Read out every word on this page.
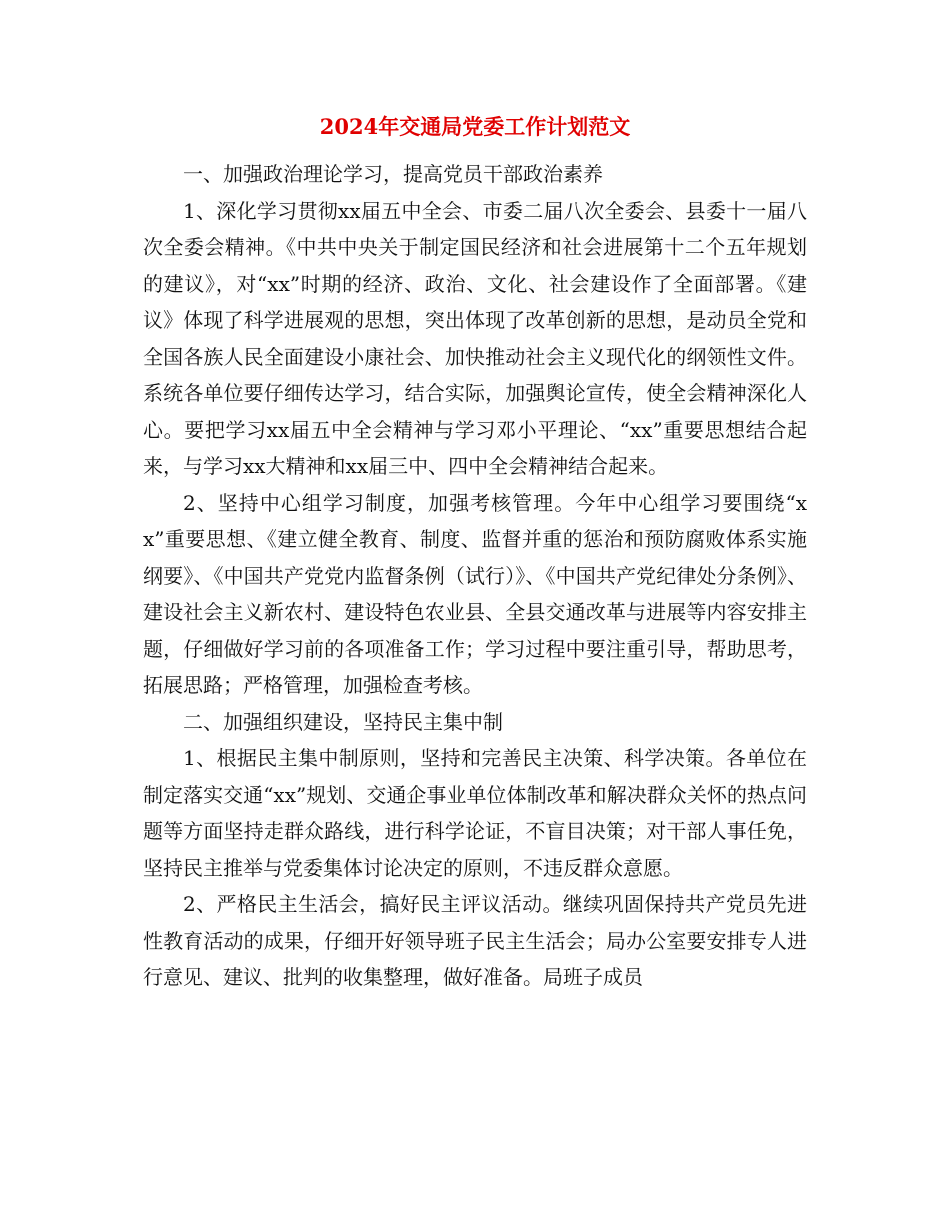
2024年交通局党委工作计划范文

一、加强政治理论学习，提高党员干部政治素养

1、深化学习贯彻xx届五中全会、市委二届八次全委会、县委十一届八次全委会精神。《中共中央关于制定国民经济和社会进展第十二个五年规划的建议》，对“xx”时期的经济、政治、文化、社会建设作了全面部署。《建议》体现了科学进展观的思想，突出体现了改革创新的思想，是动员全党和全国各族人民全面建设小康社会、加快推动社会主义现代化的纲领性文件。系统各单位要仔细传达学习，结合实际，加强舆论宣传，使全会精神深化人心。要把学习xx届五中全会精神与学习邓小平理论、“xx”重要思想结合起来，与学习xx大精神和xx届三中、四中全会精神结合起来。

2、坚持中心组学习制度，加强考核管理。今年中心组学习要围绕“xx”重要思想、《建立健全教育、制度、监督并重的惩治和预防腐败体系实施纲要》、《中国共产党党内监督条例（试行）》、《中国共产党纪律处分条例》、建设社会主义新农村、建设特色农业县、全县交通改革与进展等内容安排主题，仔细做好学习前的各项准备工作；学习过程中要注重引导，帮助思考，拓展思路；严格管理，加强检查考核。

二、加强组织建设，坚持民主集中制

1、根据民主集中制原则，坚持和完善民主决策、科学决策。各单位在制定落实交通“xx”规划、交通企事业单位体制改革和解决群众关怀的热点问题等方面坚持走群众路线，进行科学论证，不盲目决策；对干部人事任免，坚持民主推举与党委集体讨论决定的原则，不违反群众意愿。

2、严格民主生活会，搞好民主评议活动。继续巩固保持共产党员先进性教育活动的成果，仔细开好领导班子民主生活会；局办公室要安排专人进行意见、建议、批判的收集整理，做好准备。局班子成员
